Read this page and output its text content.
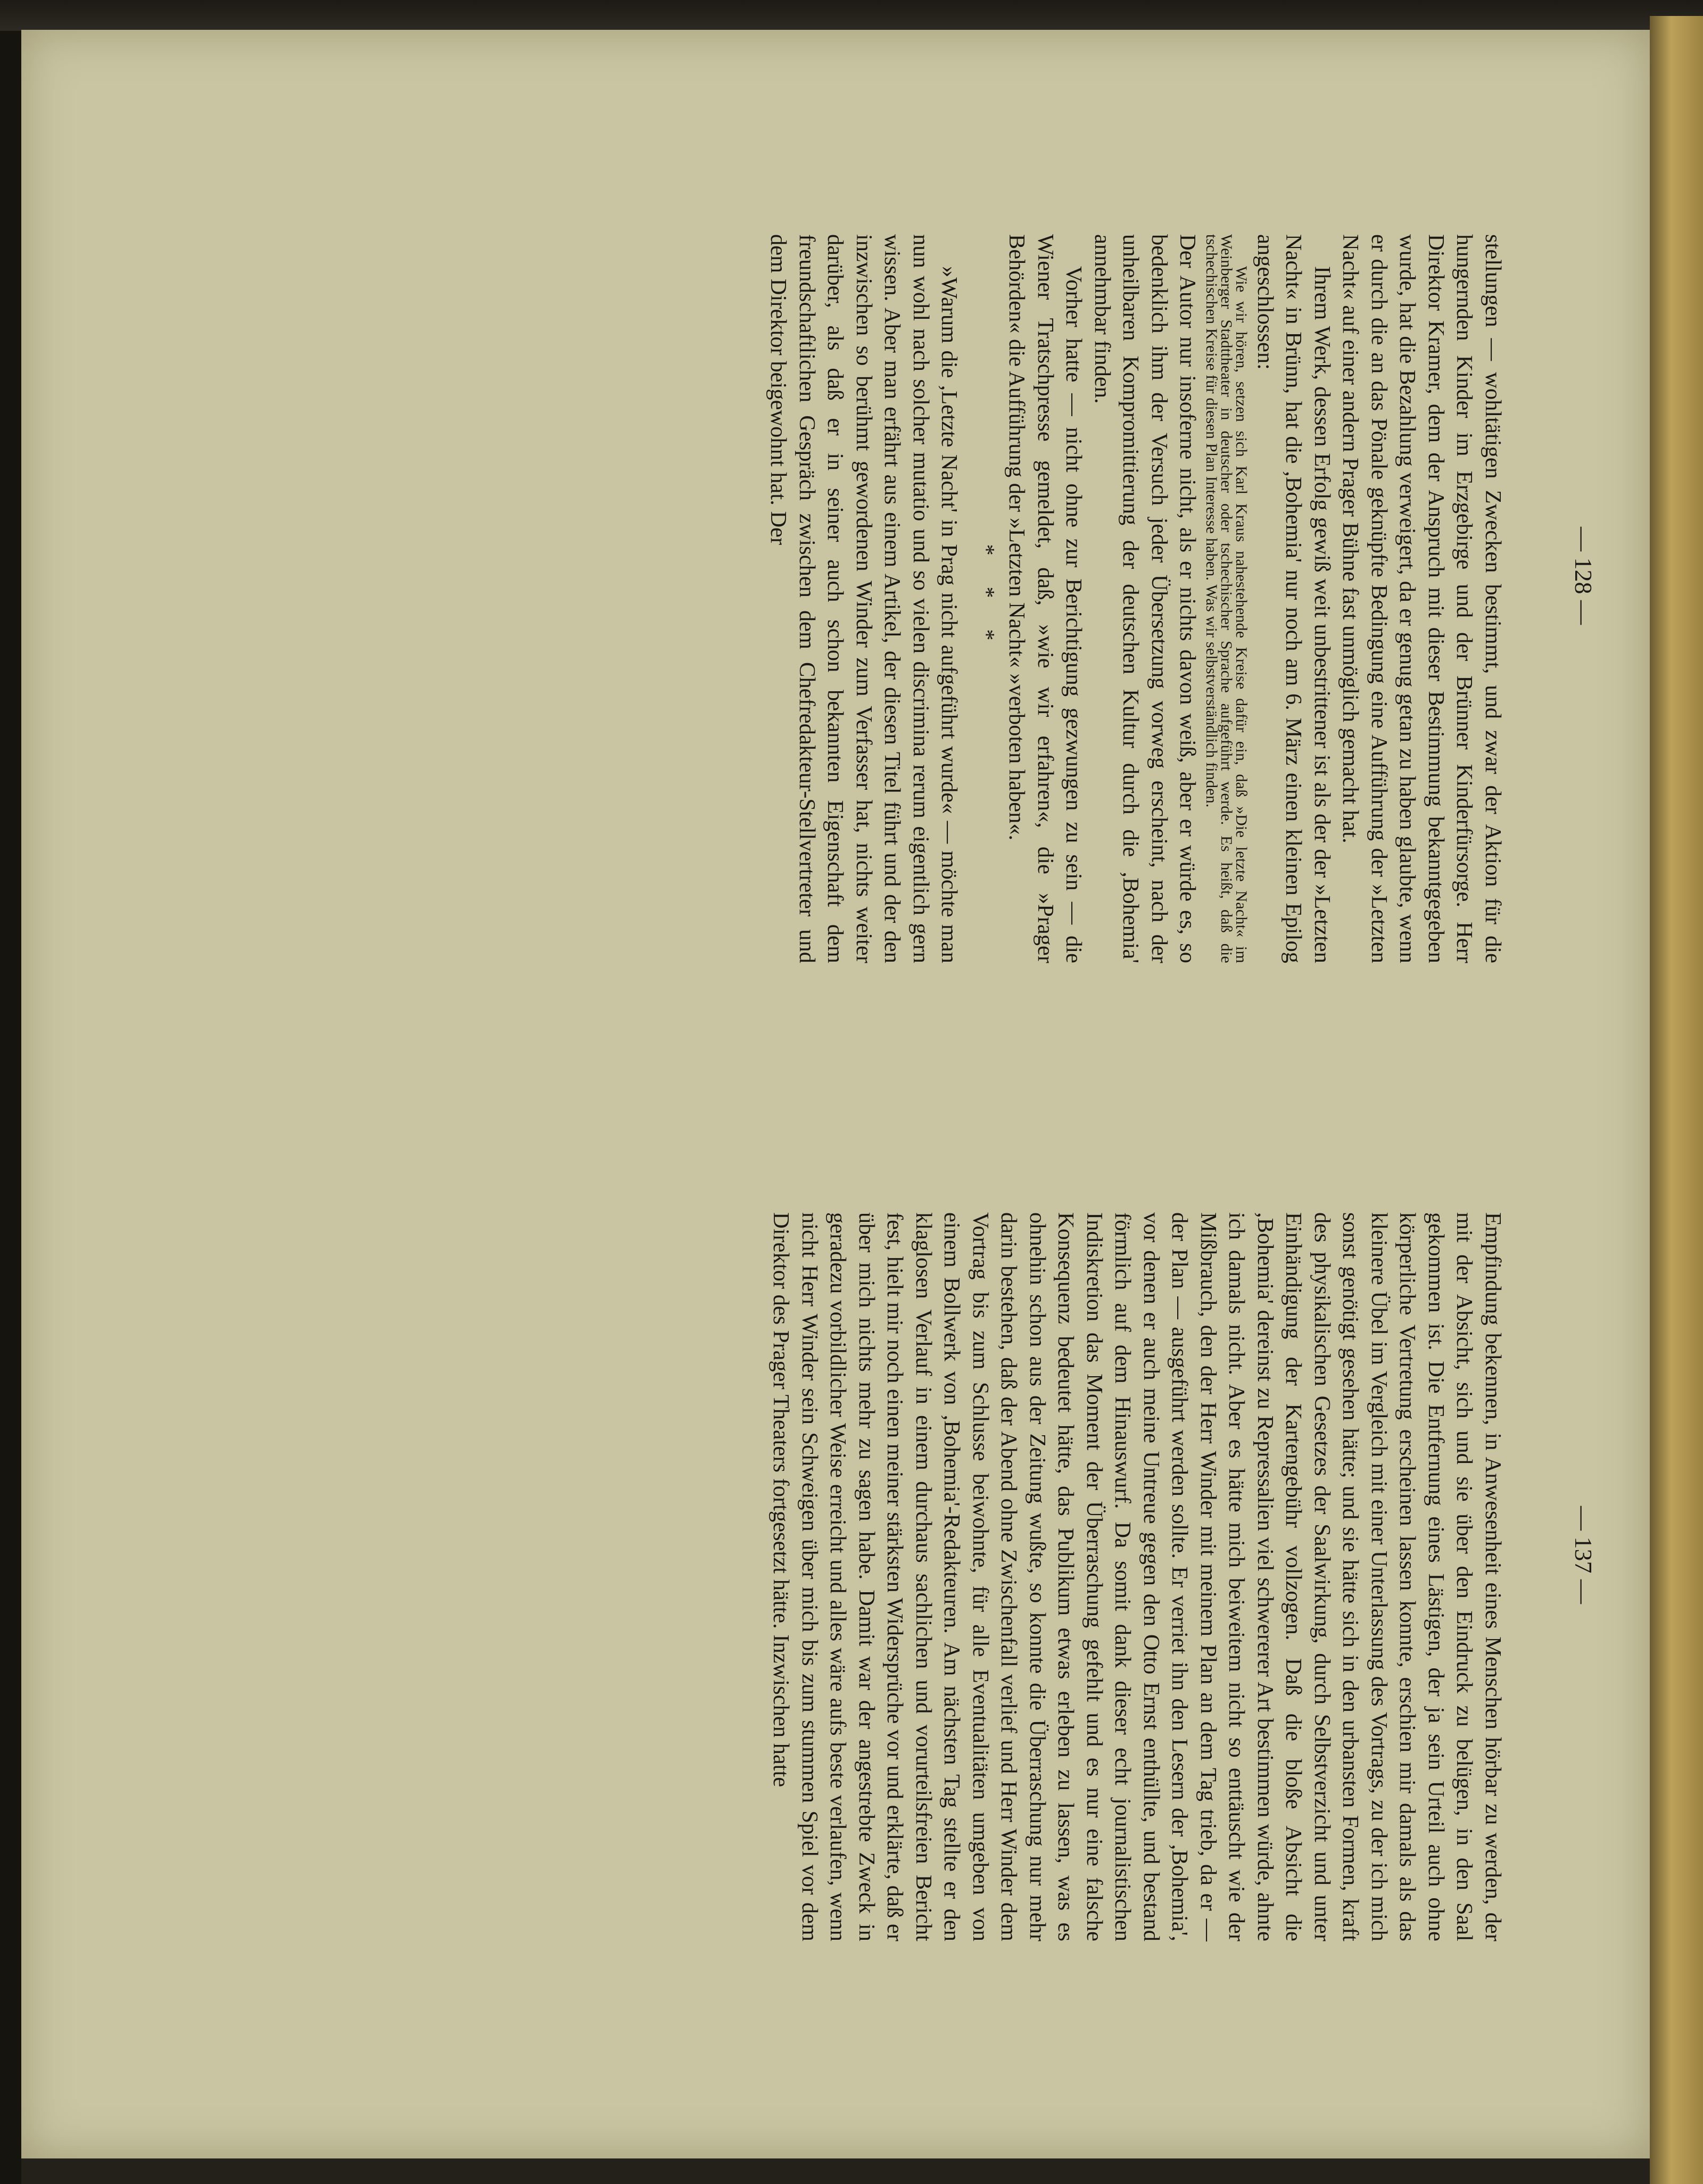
— 128 —
— 137 —

stellungen — wohltätigen Zwecken bestimmt, und zwar der Aktion für die hungernden Kinder im Erzgebirge und der Brünner Kinderfürsorge. Herr Direktor Kramer, dem der Anspruch mit dieser Bestimmung bekanntgegeben wurde, hat die Bezahlung verweigert, da er genug getan zu haben glaubte, wenn er durch die an das Pönale geknüpfte Bedingung eine Aufführung der »Letzten Nacht« auf einer andern Prager Bühne fast unmöglich gemacht hat.

Ihrem Werk, dessen Erfolg gewiß weit unbestrittener ist als der der »Letzten Nacht« in Brünn, hat die ,Bohemia' nur noch am 6. März einen kleinen Epilog angeschlossen:

Wie wir hören, setzen sich Karl Kraus nahestehende Kreise dafür ein, daß »Die letzte Nacht« im Weinberger Stadttheater in deutscher oder tschechischer Sprache aufgeführt werde. Es heißt, daß die tschechischen Kreise für diesen Plan Interesse haben. Was wir selbstverständlich finden.

Der Autor nur insoferne nicht, als er nichts davon weiß, aber er würde es, so bedenklich ihm der Versuch jeder Übersetzung vorweg erscheint, nach der unheilbaren Kompromittierung der deutschen Kultur durch die ,Bohemia' annehmbar finden.

Vorher hatte — nicht ohne zur Berichtigung gezwungen zu sein — die Wiener Tratschpresse gemeldet, daß, »wie wir erfahren«, die »Prager Behörden« die Aufführung der »Letzten Nacht« »verboten haben«.

* * *

»Warum die ,Letzte Nacht' in Prag nicht aufgeführt wurde« — möchte man nun wohl nach solcher mutatio und so vielen discrimina rerum eigentlich gern wissen. Aber man erfährt aus einem Artikel, der diesen Titel führt und der den inzwischen so berühmt gewordenen Winder zum Verfasser hat, nichts weiter darüber, als daß er in seiner auch schon bekannten Eigenschaft dem freundschaftlichen Gespräch zwischen dem Chefredakteur-Stellvertreter und dem Direktor beigewohnt hat. Der

Empfindung bekennen, in Anwesenheit eines Menschen hörbar zu werden, der mit der Absicht, sich und sie über den Eindruck zu belügen, in den Saal gekommen ist. Die Entfernung eines Lästigen, der ja sein Urteil auch ohne körperliche Vertretung erscheinen lassen konnte, erschien mir damals als das kleinere Übel im Vergleich mit einer Unterlassung des Vortrags, zu der ich mich sonst genötigt gesehen hätte; und sie hätte sich in den urbansten Formen, kraft des physikalischen Gesetzes der Saalwirkung, durch Selbstverzicht und unter Einhändigung der Kartengebühr vollzogen. Daß die bloße Absicht die ,Bohemia' dereinst zu Repressalien viel schwererer Art bestimmen würde, ahnte ich damals nicht. Aber es hätte mich beiweitem nicht so enttäuscht wie der Mißbrauch, den der Herr Winder mit meinem Plan an dem Tag trieb, da er — der Plan — ausgeführt werden sollte. Er verriet ihn den Lesern der ,Bohemia', vor denen er auch meine Untreue gegen den Otto Ernst enthüllte, und bestand förmlich auf dem Hinauswurf. Da somit dank dieser echt journalistischen Indiskretion das Moment der Überraschung gefehlt und es nur eine falsche Konsequenz bedeutet hätte, das Publikum etwas erleben zu lassen, was es ohnehin schon aus der Zeitung wußte, so konnte die Überraschung nur mehr darin bestehen, daß der Abend ohne Zwischenfall verlief und Herr Winder dem Vortrag bis zum Schlusse beiwohnte, für alle Eventualitäten umgeben von einem Bollwerk von ,Bohemia'-Redakteuren. Am nächsten Tag stellte er den klaglosen Verlauf in einem durchaus sachlichen und vorurteilsfreien Bericht fest, hielt mir noch einen meiner stärksten Widersprüche vor und erklärte, daß er über mich nichts mehr zu sagen habe. Damit war der angestrebte Zweck in geradezu vorbildlicher Weise erreicht und alles wäre aufs beste verlaufen, wenn nicht Herr Winder sein Schweigen über mich bis zum stummen Spiel vor dem Direktor des Prager Theaters fortgesetzt hätte. Inzwischen hatte
